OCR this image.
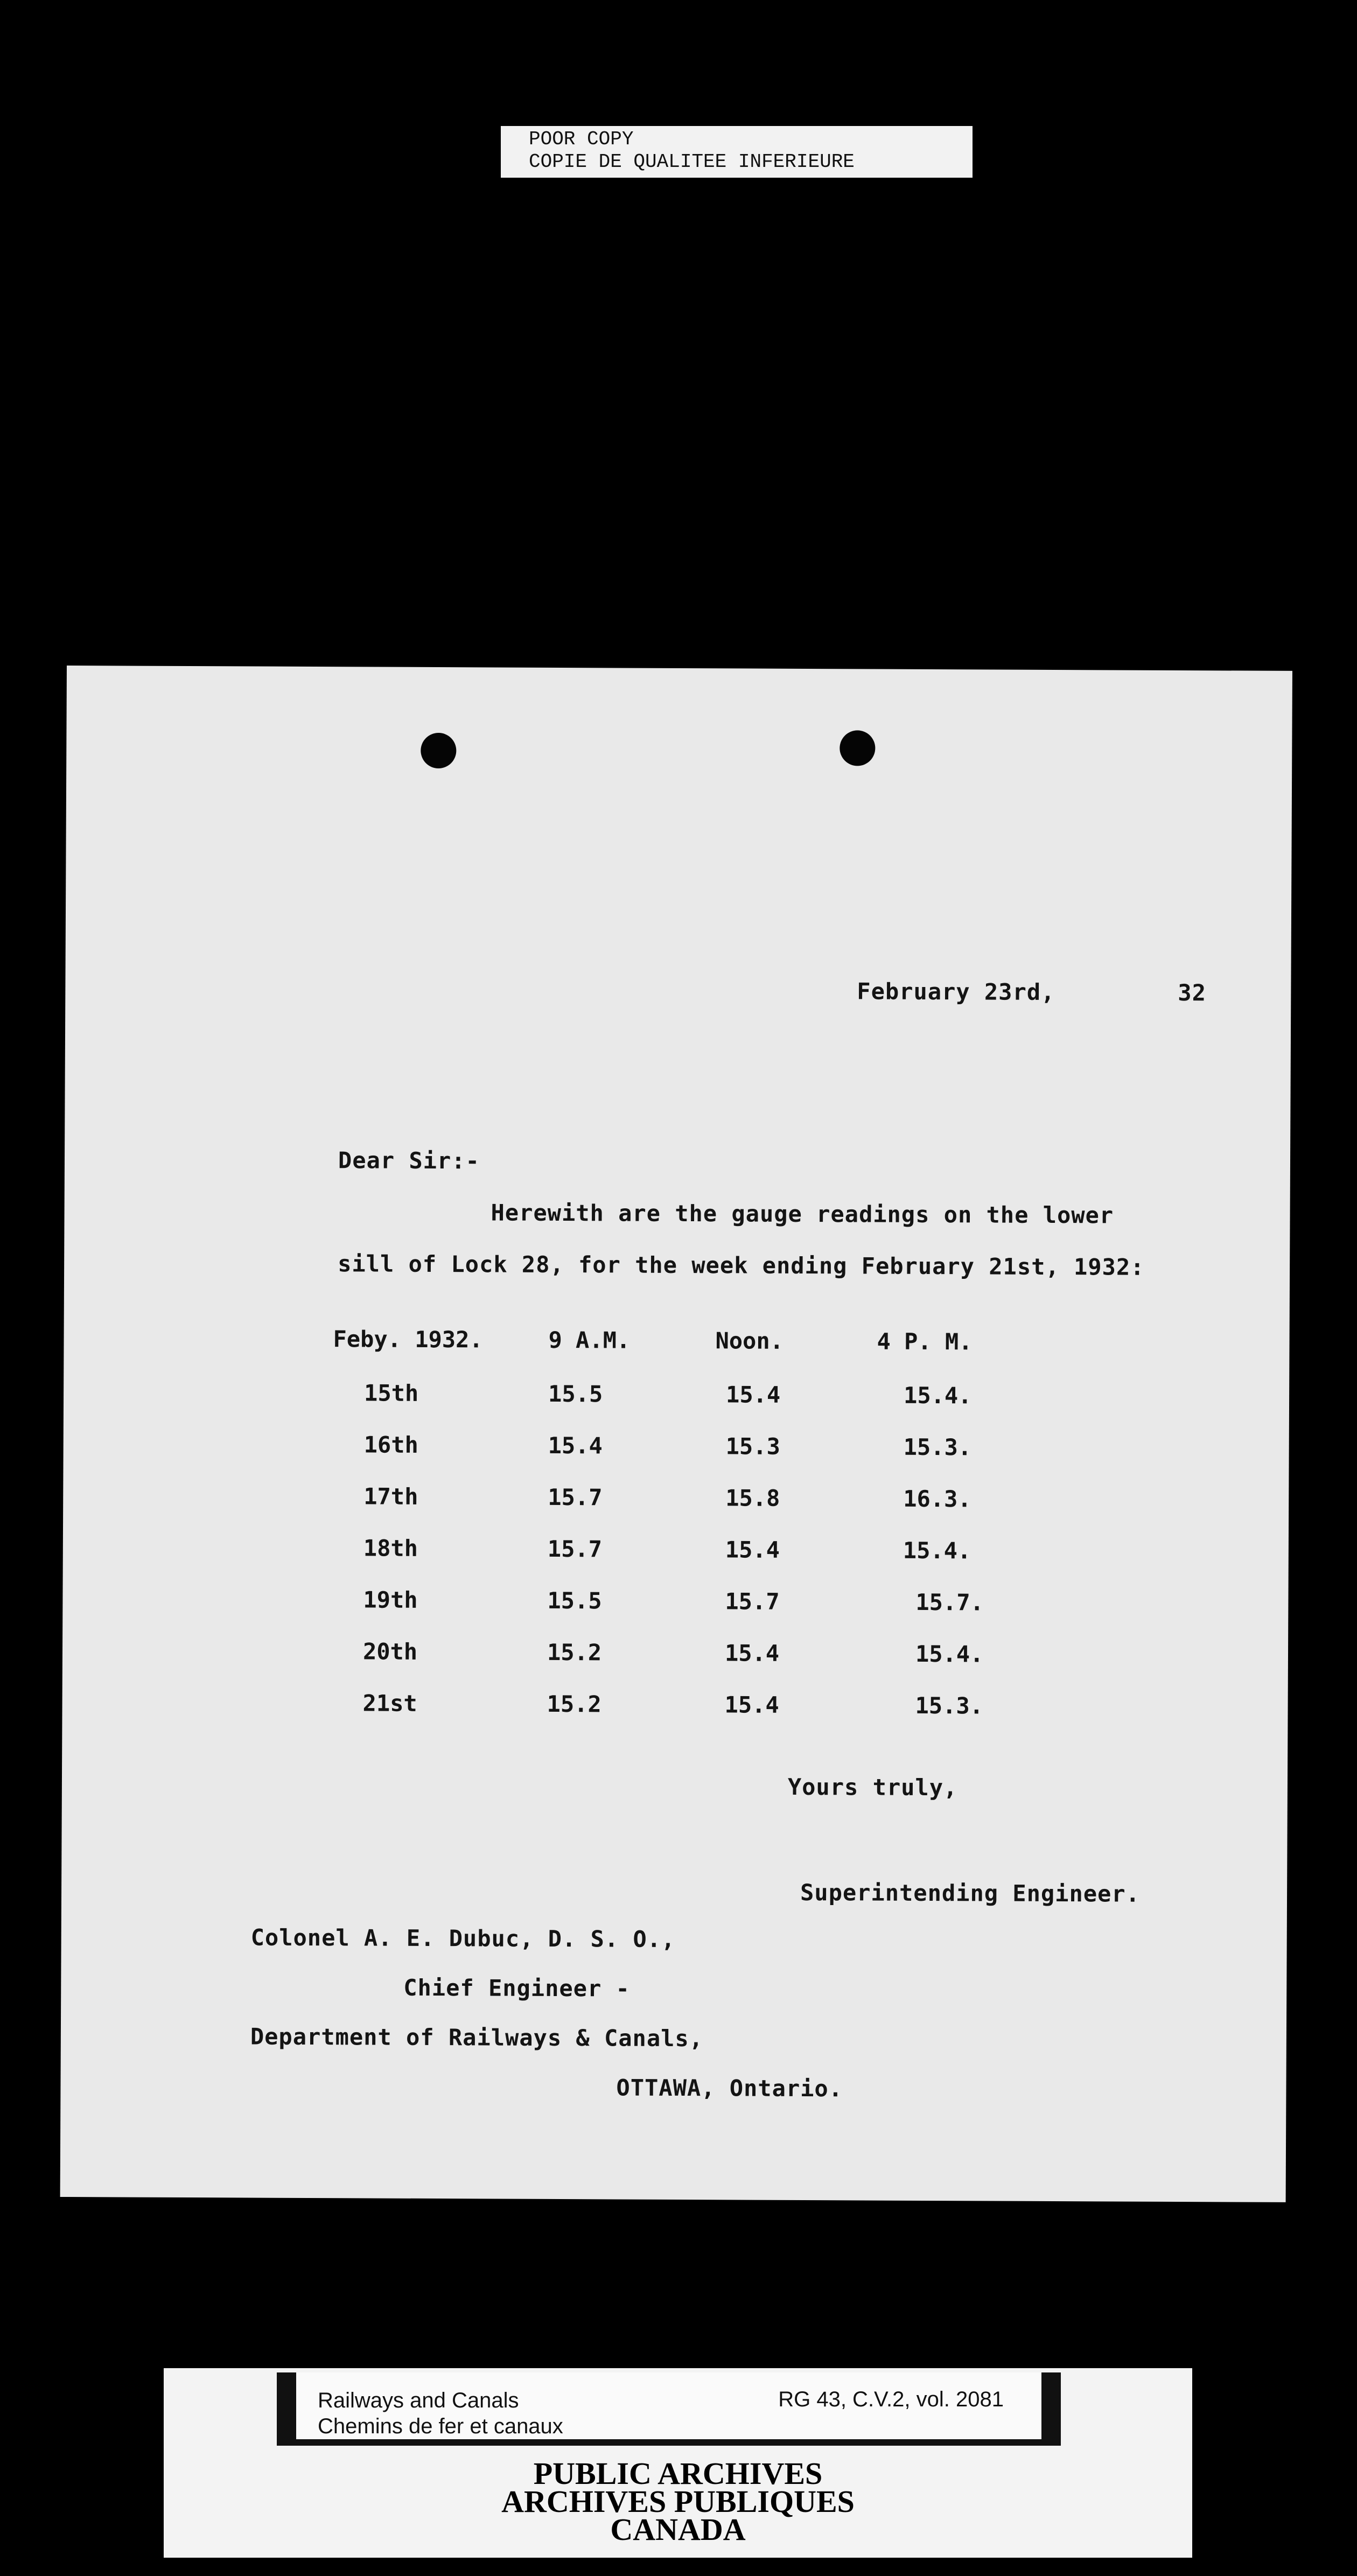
POOR COPY
COPIE DE QUALITEE INFERIEURE
February 23rd,	32
Dear Sir:-
Herewith are the gauge readings on the lower
sill of Lock 28, for the week ending February 21st, 1932:
Feby. 1932.	9 A.M.	Noon.	4 P. M.
15th	15.5	15.4	15.4.
16th	15.4	15.3	15.3.
17th	15.7	15.8	16.3.
18th	15.7	15.4	15.4.
19th	15.5	15.7	15.7.
20th	15.2	15.4	15.4.
21st	15.2	15.4	15.3.
Yours truly,
Superintending Engineer.
Colonel A. E. Dubuc, D. S. O.,
Chief Engineer -
Department of Railways & Canals,
OTTAWA, Ontario.
Railways and Canals
Chemins de fer et canaux
RG 43, C.V.2, vol. 2081
PUBLIC ARCHIVES
ARCHIVES PUBLIQUES
CANADA
